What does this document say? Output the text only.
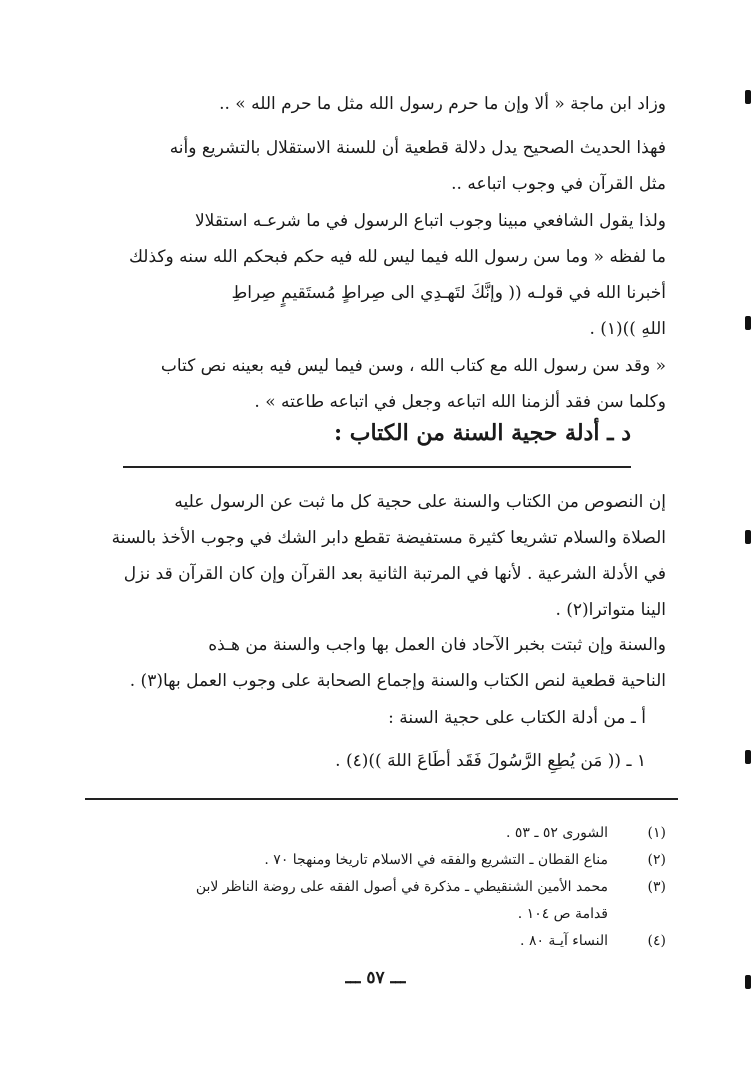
وزاد ابن ماجة « ألا وإن ما حرم رسول الله مثل ما حرم الله » ..
فهذا الحديث الصحيح يدل دلالة قطعية أن للسنة الاستقلال بالتشريع وأنه
مثل القرآن في وجوب اتباعه ..
ولذا يقول الشافعي مبينا وجوب اتباع الرسول في ما شرعـه استقلالا
ما لفظه « وما سن رسول الله فيما ليس لله فيه حكم فبحكم الله سنه وكذلك
أخبرنا الله في قولـه (( وإنَّكَ لتَهـدِي الى صِراطٍ مُستَقيمٍ صِراطِ
اللهِ ))(١) .
« وقد سن رسول الله مع كتاب الله ، وسن فيما ليس فيه بعينه نص كتاب
وكلما سن فقد ألزمنا الله اتباعه وجعل في اتباعه طاعته » .
د ـ أدلة حجية السنة من الكتاب :
إن النصوص من الكتاب والسنة على حجية كل ما ثبت عن الرسول عليه
الصلاة والسلام تشريعا كثيرة مستفيضة تقطع دابر الشك في وجوب الأخذ بالسنة
في الأدلة الشرعية . لأنها في المرتبة الثانية بعد القرآن وإن كان القرآن قد نزل
الينا متواترا(٢) .
والسنة وإن ثبتت بخبر الآحاد فان العمل بها واجب والسنة من هـذه
الناحية قطعية لنص الكتاب والسنة وإجماع الصحابة على وجوب العمل بها(٣) .
أ ـ من أدلة الكتاب على حجية السنة :
١ ـ (( مَن يُطِعِ الرَّسُولَ فَقَد أطَاعَ اللهَ ))(٤) .
(١)
الشورى ٥٢ ـ ٥٣ .
(٢)
مناع القطان ـ التشريع والفقه في الاسلام تاريخا ومنهجا ٧٠ .
(٣)
محمد الأمين الشنقيطي ـ مذكرة في أصول الفقه على روضة الناظر لابن
قدامة ص ١٠٤ .
(٤)
النساء آيـة ٨٠ .
ـــ ٥٧ ـــ
